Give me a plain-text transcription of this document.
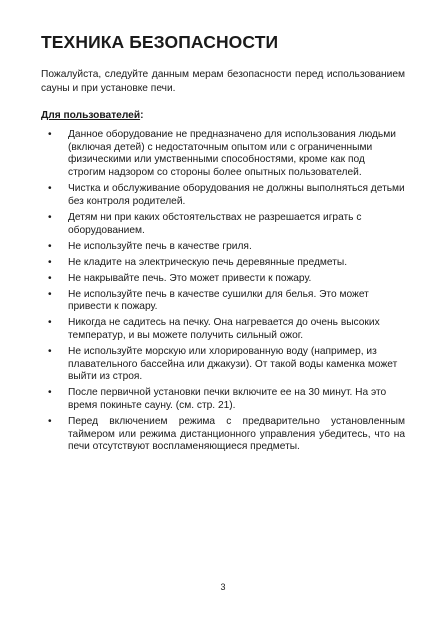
ТЕХНИКА БЕЗОПАСНОСТИ

Пожалуйста, следуйте данным мерам безопасности перед использованием сауны и при установке печи.

Для пользователей:

• Данное оборудование не предназначено для использования людьми (включая детей) с недостаточным опытом или с ограниченными физическими или умственными способностями, кроме как под строгим надзором со стороны более опытных пользователей.
• Чистка и обслуживание оборудования не должны выполняться детьми без контроля родителей.
• Детям ни при каких обстоятельствах не разрешается играть с оборудованием.
• Не используйте печь в качестве гриля.
• Не кладите на электрическую печь деревянные предметы.
• Не накрывайте печь. Это может привести к пожару.
• Не используйте печь в качестве сушилки для белья. Это может привести к пожару.
• Никогда не садитесь на печку. Она нагревается до очень высоких температур, и вы можете получить сильный ожог.
• Не используйте морскую или хлорированную воду (например, из плавательного бассейна или джакузи). От такой воды каменка может выйти из строя.
• После первичной установки печки включите ее на 30 минут. На это время покиньте сауну. (см. стр. 21).
• Перед включением режима с предварительно установленным таймером или режима дистанционного управления убедитесь, что на печи отсутствуют воспламеняющиеся предметы.

3
